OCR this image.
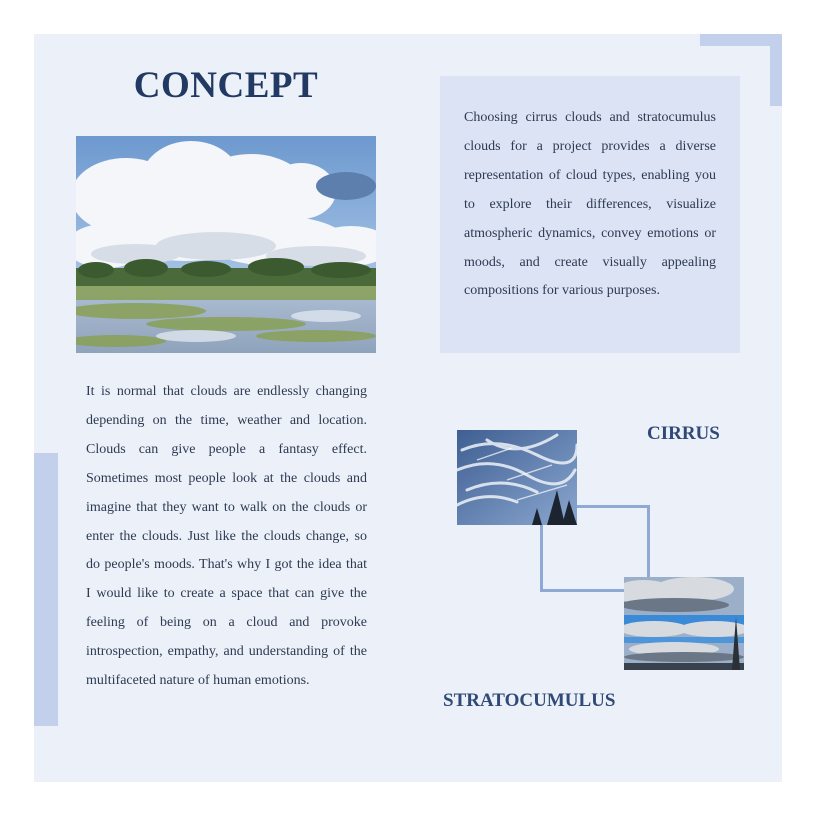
CONCEPT

Choosing cirrus clouds and stratocumulus clouds for a project provides a diverse representation of cloud types, enabling you to explore their differences, visualize atmospheric dynamics, convey emotions or moods, and create visually appealing compositions for various purposes.

It is normal that clouds are endlessly changing depending on the time, weather and location. Clouds can give people a fantasy effect. Sometimes most people look at the clouds and imagine that they want to walk on the clouds or enter the clouds. Just like the clouds change, so do people's moods. That's why I got the idea that I would like to create a space that can give the feeling of being on a cloud and provoke introspection, empathy, and understanding of the multifaceted nature of human emotions.

CIRRUS
STRATOCUMULUS
